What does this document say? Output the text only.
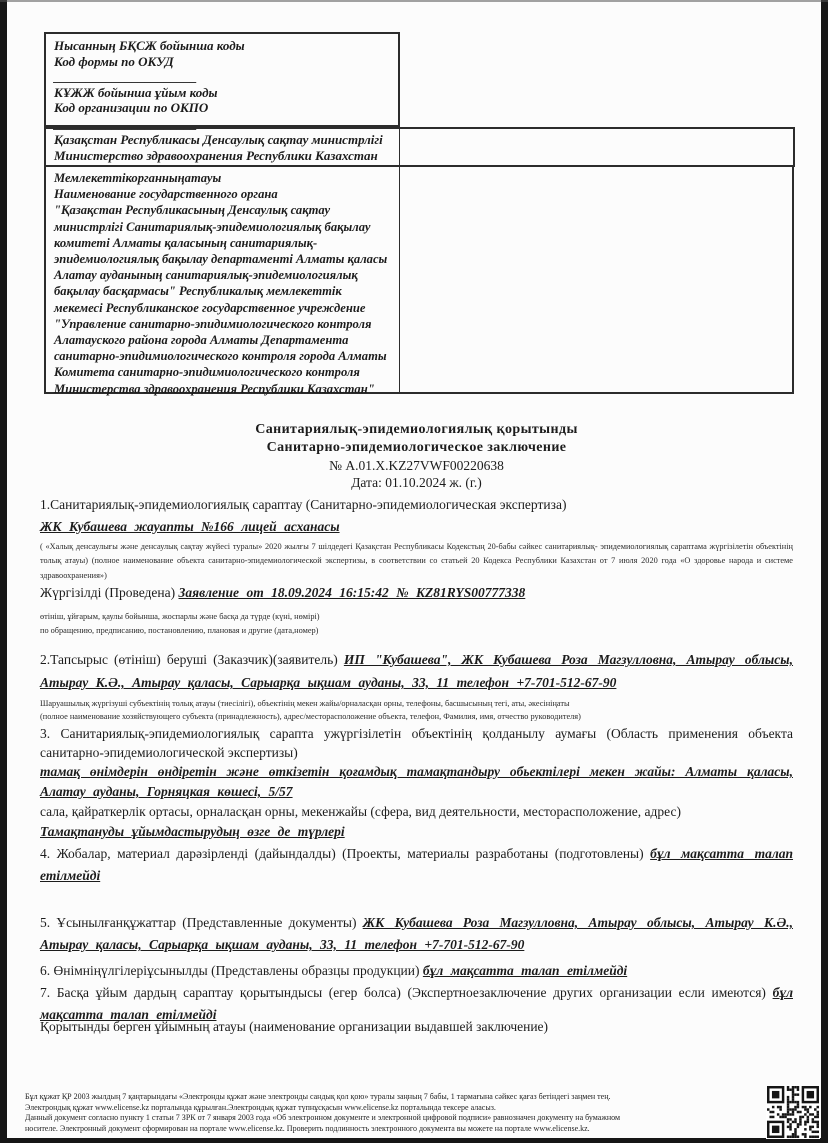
Нысанның БҚСЖ бойынша коды
Код формы по ОКУД
______________________
КҰЖЖ бойынша ұйым коды
Код организации по ОКПО
______________________
Қазақстан Республикасы Денсаулық сақтау министрлігі
Министерство здравоохранения Республики Казахстан
Мемлекеттікорганныңатауы
Наименование государственного органа
"Қазақстан Республикасының Денсаулық сақтау министрлігі Санитариялық-эпидемиологиялық бақылау комитеті Алматы қаласының санитариялық-эпидемиологиялық бақылау департаменті Алматы қаласы Алатау ауданының санитариялық-эпидемиологиялық бақылау басқармасы" Республикалық мемлекеттік мекемесі Республиканское государственное учреждение "Управление санитарно-эпидимиологического контроля Алатауского района города Алматы Департамента санитарно-эпидимиологического контроля города Алматы Комитета санитарно-эпидимиологического контроля Министерства здравоохранения Республики Казахстан"
Санитариялық-эпидемиологиялық қорытынды
Санитарно-эпидемиологическое заключение
№ А.01.Х.KZ27VWF00220638
Дата: 01.10.2024 ж. (г.)
1.Санитариялық-эпидемиологиялық сараптау (Санитарно-эпидемиологическая экспертиза)
ЖК Кубашева жауапты №166 лицей асханасы
( «Халық денсаулығы және денсаулық сақтау жүйесі туралы» 2020 жылғы 7 шілдедегі Қазақстан Республикасы Кодекстың 20-бабы сәйкес санитариялық- эпидемиологиялық сараптама жүргізілетін объектінің толық атауы) (полное наименование объекта санитарно-эпидемиологической экспертизы, в соответствии со статьей 20 Кодекса Республики Казахстан от 7 июля 2020 года «О здоровье народа и системе здравоохранения»)
Жүргізілді (Проведена) Заявление от 18.09.2024 16:15:42 № KZ81RYS00777338
өтініш, ұйғарым, қаулы бойынша, жоспарлы және басқа да түрде (күні, нөмірі)
по обращению, предписанию, постановлению, плановая и другие (дата,номер)
2.Тапсырыс (өтініш) беруші (Заказчик)(заявитель) ИП "Кубашева", ЖК Кубашева Роза Магзулловна, Атырау облысы, Атырау К.Ә., Атырау қаласы, Сарыарқа ықшам ауданы, 33, 11 телефон +7-701-512-67-90
Шаруашылық жүргізуші субъектінің толық атауы (тиесілігі), объектінің мекен жайы/орналасқан орны, телефоны, басшысының тегі, аты, әкесініңаты
(полное наименование хозяйствующего субъекта (принадлежность), адрес/месторасположение объекта, телефон, Фамилия, имя, отчество руководителя)
3. Санитариялық-эпидемиологиялық сарапта ужүргізілетін объектінің қолданылу аумағы (Область применения объекта санитарно-эпидемиологической экспертизы)
тамақ өнімдерін өндіретін және өткізетін қоғамдық тамақтандыру обьектілері мекен жайы: Алматы қаласы, Алатау ауданы, Горняцкая көшесі, 5/57
сала, қайраткерлік ортасы, орналасқан орны, мекенжайы (сфера, вид деятельности, месторасположение, адрес)
Тамақтануды ұйымдастырудың өзге де түрлері
4. Жобалар, материал дарәзірленді (дайындалды) (Проекты, материалы разработаны (подготовлены) бұл мақсатта талап етілмейді
5. Ұсынылғанқұжаттар (Представленные документы) ЖК Кубашева Роза Магзулловна, Атырау облысы, Атырау К.Ә., Атырау қаласы, Сарыарқа ықшам ауданы, 33, 11 телефон +7-701-512-67-90
6. Өнімніңүлгілеріұсынылды (Представлены образцы продукции) бұл мақсатта талап етілмейді
7. Басқа ұйым дардың сараптау қорытындысы (егер болса) (Экспертноезаключение других организации если имеются) бұл мақсатта талап етілмейді
Қорытынды берген ұйымның атауы (наименование организации выдавшей заключение)
Бұл құжат ҚР 2003 жылдың 7 қаңтарындағы «Электронды құжат және электронды сандық қол қою» туралы заңның 7 бабы, 1 тармағына сәйкес қағаз бетіндегі заңмен тең.
Электрондық құжат www.elicense.kz порталында құрылған.Электрондық құжат түпнұсқасын www.elicense.kz порталында тексере аласыз.
Данный документ согласно пункту 1 статьи 7 ЗРК от 7 января 2003 года «Об электронном документе и электронной цифровой подписи» равнозначен документу на бумажном
носителе. Электронный документ сформирован на портале www.elicense.kz. Проверить подлинность электронного документа вы можете на портале www.elicense.kz.
